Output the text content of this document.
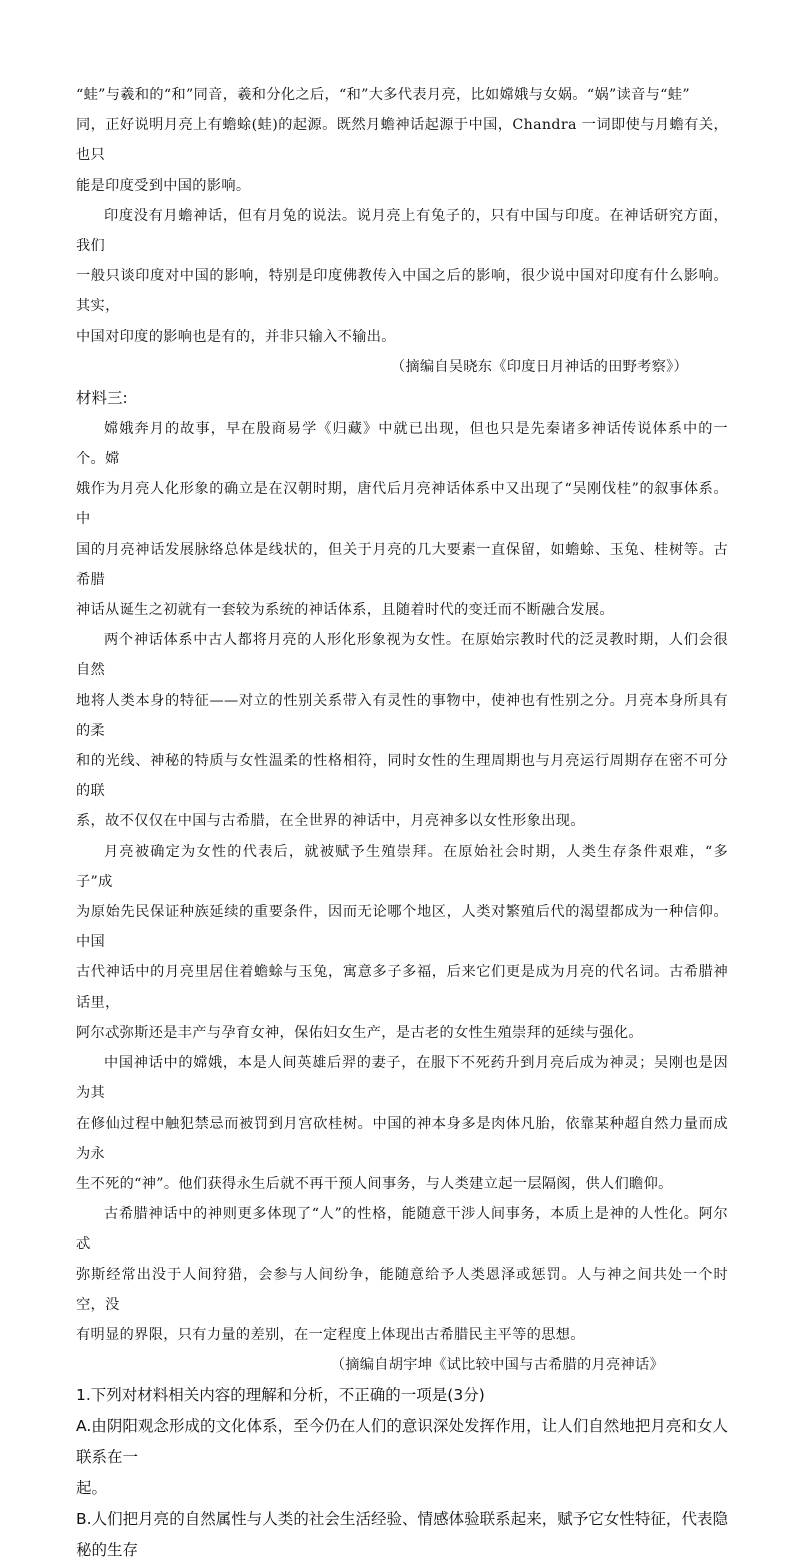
“蛙”与羲和的“和”同音，羲和分化之后，“和”大多代表月亮，比如嫦娥与女娲。“娲”读音与“蛙”
同，正好说明月亮上有蟾蜍(蛙)的起源。既然月蟾神话起源于中国，Chandra 一词即使与月蟾有关，也只
能是印度受到中国的影响。

印度没有月蟾神话，但有月兔的说法。说月亮上有兔子的，只有中国与印度。在神话研究方面，我们
一般只谈印度对中国的影响，特别是印度佛教传入中国之后的影响，很少说中国对印度有什么影响。其实，
中国对印度的影响也是有的，并非只输入不输出。

（摘编自吴晓东《印度日月神话的田野考察》）

材料三:

嫦娥奔月的故事，早在殷商易学《归藏》中就已出现，但也只是先秦诸多神话传说体系中的一个。嫦
娥作为月亮人化形象的确立是在汉朝时期，唐代后月亮神话体系中又出现了“吴刚伐桂”的叙事体系。中
国的月亮神话发展脉络总体是线状的，但关于月亮的几大要素一直保留，如蟾蜍、玉兔、桂树等。古希腊
神话从诞生之初就有一套较为系统的神话体系，且随着时代的变迁而不断融合发展。

两个神话体系中古人都将月亮的人形化形象视为女性。在原始宗教时代的泛灵教时期，人们会很自然
地将人类本身的特征——对立的性别关系带入有灵性的事物中，使神也有性别之分。月亮本身所具有的柔
和的光线、神秘的特质与女性温柔的性格相符，同时女性的生理周期也与月亮运行周期存在密不可分的联
系，故不仅仅在中国与古希腊，在全世界的神话中，月亮神多以女性形象出现。

月亮被确定为女性的代表后，就被赋予生殖崇拜。在原始社会时期，人类生存条件艰难，“多子”成
为原始先民保证种族延续的重要条件，因而无论哪个地区，人类对繁殖后代的渴望都成为一种信仰。中国
古代神话中的月亮里居住着蟾蜍与玉兔，寓意多子多福，后来它们更是成为月亮的代名词。古希腊神话里，
阿尔忒弥斯还是丰产与孕育女神，保佑妇女生产，是古老的女性生殖崇拜的延续与强化。

中国神话中的嫦娥，本是人间英雄后羿的妻子，在服下不死药升到月亮后成为神灵；吴刚也是因为其
在修仙过程中触犯禁忌而被罚到月宫砍桂树。中国的神本身多是肉体凡胎，依靠某种超自然力量而成为永
生不死的“神”。他们获得永生后就不再干预人间事务，与人类建立起一层隔阂，供人们瞻仰。

古希腊神话中的神则更多体现了“人”的性格，能随意干涉人间事务，本质上是神的人性化。阿尔忒
弥斯经常出没于人间狩猎，会参与人间纷争，能随意给予人类恩泽或惩罚。人与神之间共处一个时空，没
有明显的界限，只有力量的差别，在一定程度上体现出古希腊民主平等的思想。

（摘编自胡宇坤《试比较中国与古希腊的月亮神话》

1.下列对材料相关内容的理解和分析，不正确的一项是(3分)

A.由阴阳观念形成的文化体系，至今仍在人们的意识深处发挥作用，让人们自然地把月亮和女人联系在一
起。

B.人们把月亮的自然属性与人类的社会生活经验、情感体验联系起来，赋予它女性特征，代表隐秘的生存
